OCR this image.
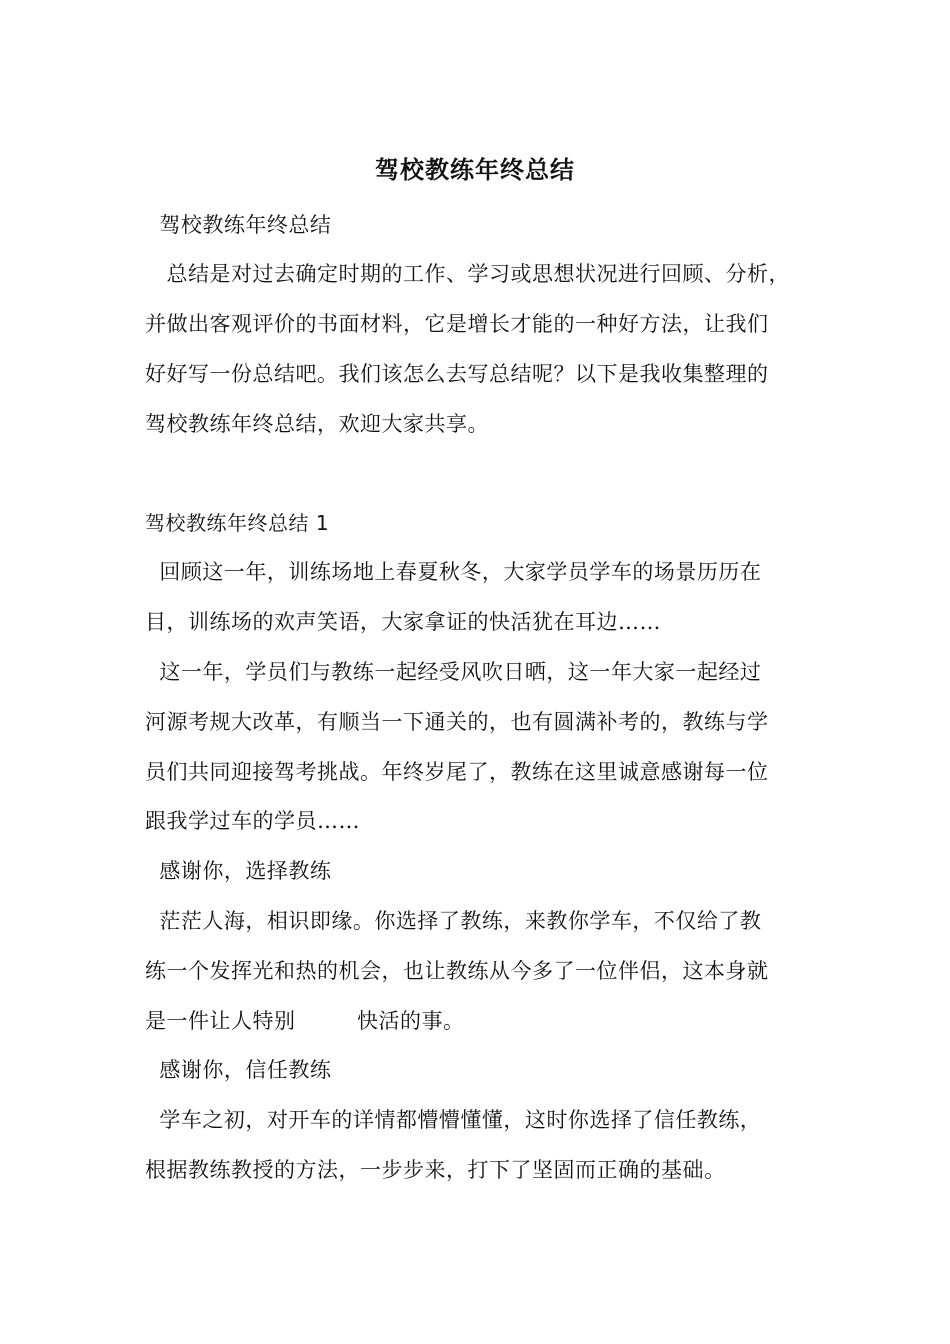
驾校教练年终总结
驾校教练年终总结
总结是对过去确定时期的工作、学习或思想状况进行回顾、分析，
并做出客观评价的书面材料，它是增长才能的一种好方法，让我们
好好写一份总结吧。我们该怎么去写总结呢？以下是我收集整理的
驾校教练年终总结，欢迎大家共享。
驾校教练年终总结 1
回顾这一年，训练场地上春夏秋冬，大家学员学车的场景历历在
目，训练场的欢声笑语，大家拿证的快活犹在耳边……
这一年，学员们与教练一起经受风吹日晒，这一年大家一起经过
河源考规大改革，有顺当一下通关的，也有圆满补考的，教练与学
员们共同迎接驾考挑战。年终岁尾了，教练在这里诚意感谢每一位
跟我学过车的学员……
感谢你，选择教练
茫茫人海，相识即缘。你选择了教练，来教你学车，不仅给了教
练一个发挥光和热的机会，也让教练从今多了一位伴侣，这本身就
是一件让人特别	快活的事。
感谢你，信任教练
学车之初，对开车的详情都懵懵懂懂，这时你选择了信任教练，
根据教练教授的方法，一步步来，打下了坚固而正确的基础。
